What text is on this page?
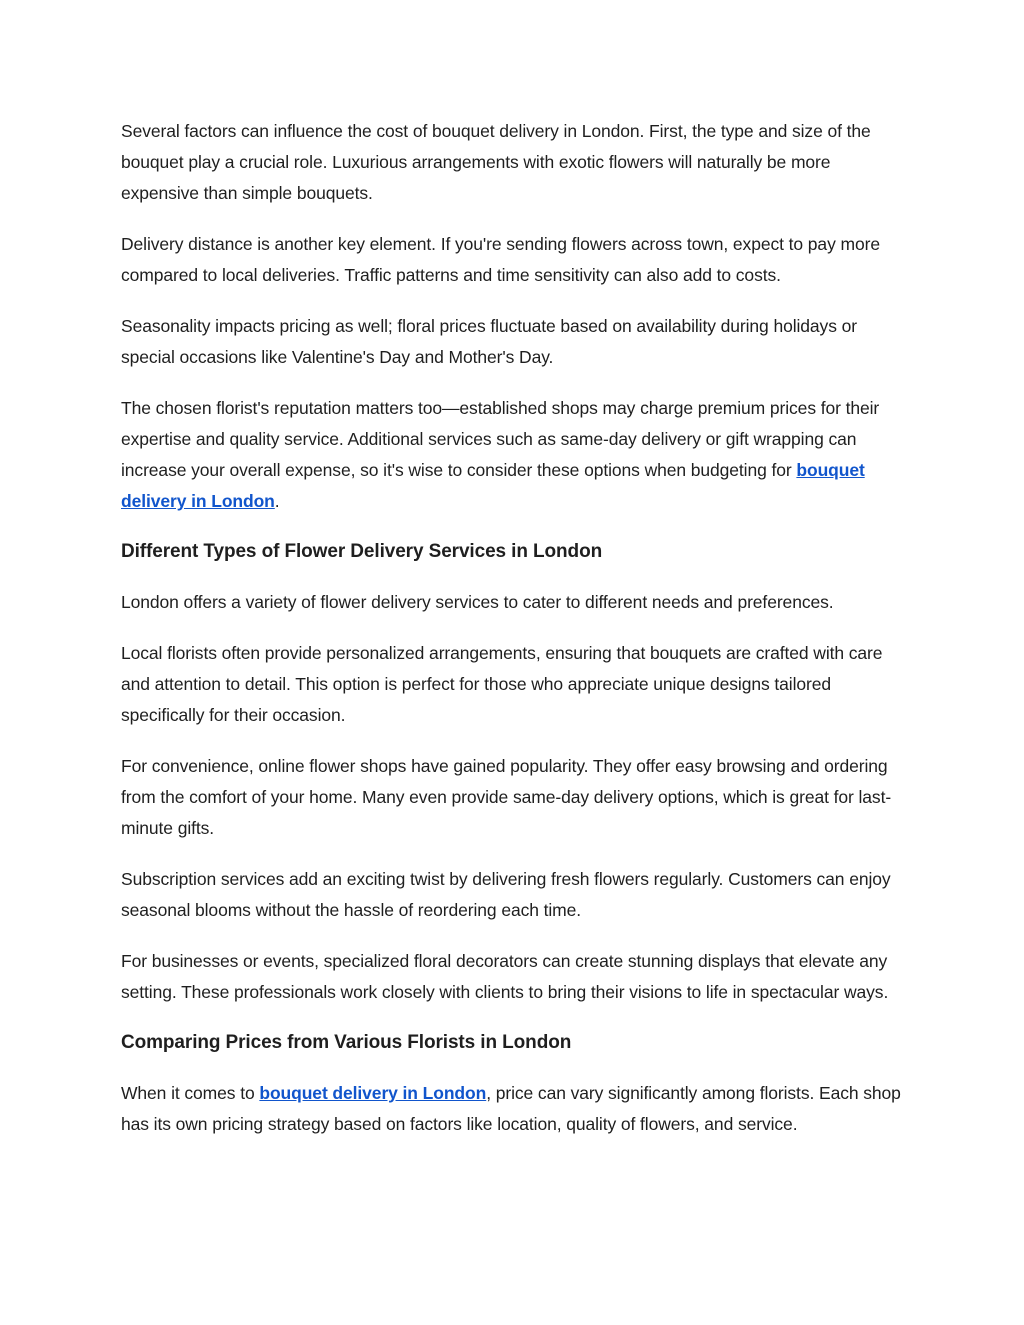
Several factors can influence the cost of bouquet delivery in London. First, the type and size of the bouquet play a crucial role. Luxurious arrangements with exotic flowers will naturally be more expensive than simple bouquets.

Delivery distance is another key element. If you're sending flowers across town, expect to pay more compared to local deliveries. Traffic patterns and time sensitivity can also add to costs.

Seasonality impacts pricing as well; floral prices fluctuate based on availability during holidays or special occasions like Valentine's Day and Mother's Day.

The chosen florist's reputation matters too—established shops may charge premium prices for their expertise and quality service. Additional services such as same-day delivery or gift wrapping can increase your overall expense, so it's wise to consider these options when budgeting for bouquet delivery in London.

Different Types of Flower Delivery Services in London

London offers a variety of flower delivery services to cater to different needs and preferences.

Local florists often provide personalized arrangements, ensuring that bouquets are crafted with care and attention to detail. This option is perfect for those who appreciate unique designs tailored specifically for their occasion.

For convenience, online flower shops have gained popularity. They offer easy browsing and ordering from the comfort of your home. Many even provide same-day delivery options, which is great for last-minute gifts.

Subscription services add an exciting twist by delivering fresh flowers regularly. Customers can enjoy seasonal blooms without the hassle of reordering each time.

For businesses or events, specialized floral decorators can create stunning displays that elevate any setting. These professionals work closely with clients to bring their visions to life in spectacular ways.

Comparing Prices from Various Florists in London

When it comes to bouquet delivery in London, price can vary significantly among florists. Each shop has its own pricing strategy based on factors like location, quality of flowers, and service.
